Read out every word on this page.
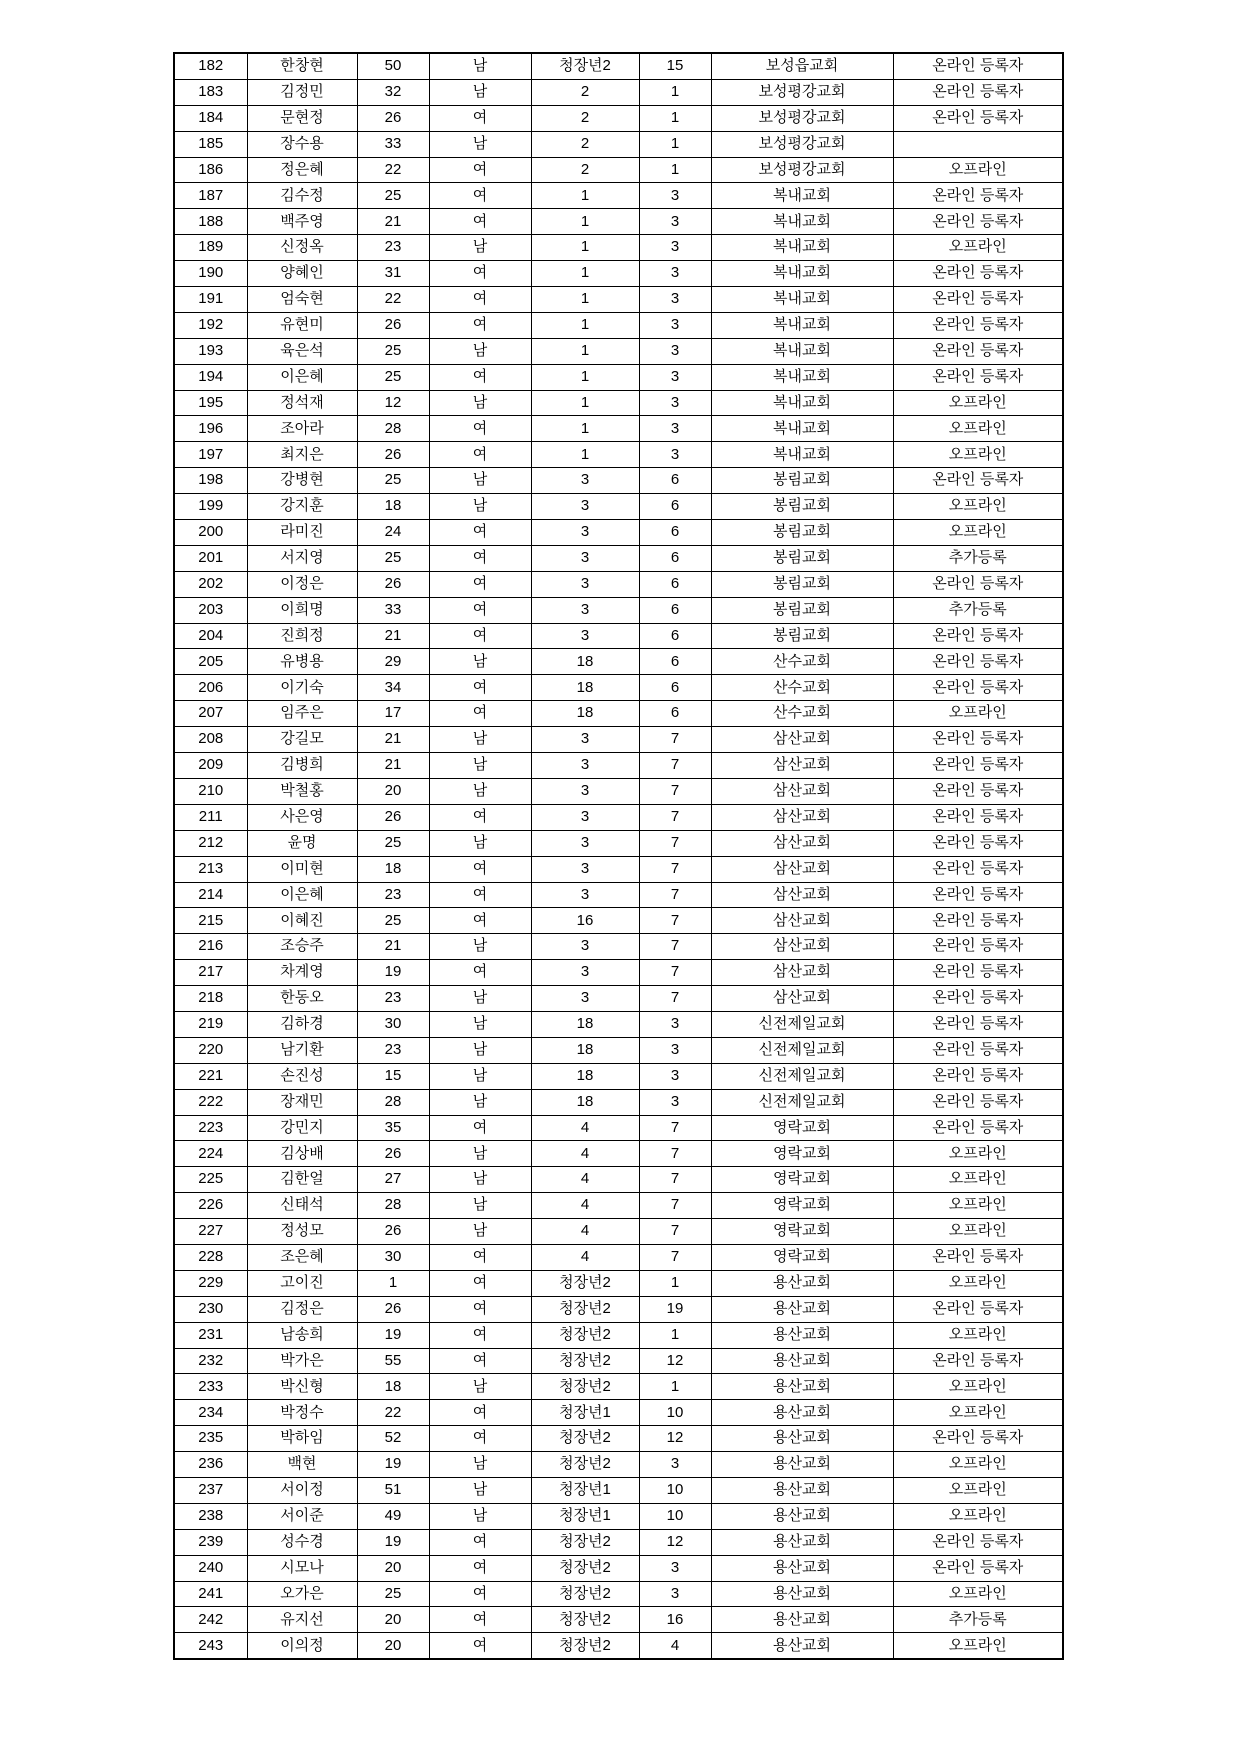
182	한창현	50	남	청장년2	15	보성읍교회	온라인 등록자
183	김정민	32	남	2	1	보성평강교회	온라인 등록자
184	문현정	26	여	2	1	보성평강교회	온라인 등록자
185	장수용	33	남	2	1	보성평강교회	
186	정은혜	22	여	2	1	보성평강교회	오프라인
187	김수정	25	여	1	3	복내교회	온라인 등록자
188	백주영	21	여	1	3	복내교회	온라인 등록자
189	신정옥	23	남	1	3	복내교회	오프라인
190	양혜인	31	여	1	3	복내교회	온라인 등록자
191	엄숙현	22	여	1	3	복내교회	온라인 등록자
192	유현미	26	여	1	3	복내교회	온라인 등록자
193	육은석	25	남	1	3	복내교회	온라인 등록자
194	이은혜	25	여	1	3	복내교회	온라인 등록자
195	정석재	12	남	1	3	복내교회	오프라인
196	조아라	28	여	1	3	복내교회	오프라인
197	최지은	26	여	1	3	복내교회	오프라인
198	강병현	25	남	3	6	봉림교회	온라인 등록자
199	강지훈	18	남	3	6	봉림교회	오프라인
200	라미진	24	여	3	6	봉림교회	오프라인
201	서지영	25	여	3	6	봉림교회	추가등록
202	이정은	26	여	3	6	봉림교회	온라인 등록자
203	이희명	33	여	3	6	봉림교회	추가등록
204	진희정	21	여	3	6	봉림교회	온라인 등록자
205	유병용	29	남	18	6	산수교회	온라인 등록자
206	이기숙	34	여	18	6	산수교회	온라인 등록자
207	임주은	17	여	18	6	산수교회	오프라인
208	강길모	21	남	3	7	삼산교회	온라인 등록자
209	김병희	21	남	3	7	삼산교회	온라인 등록자
210	박철홍	20	남	3	7	삼산교회	온라인 등록자
211	사은영	26	여	3	7	삼산교회	온라인 등록자
212	윤명	25	남	3	7	삼산교회	온라인 등록자
213	이미현	18	여	3	7	삼산교회	온라인 등록자
214	이은혜	23	여	3	7	삼산교회	온라인 등록자
215	이혜진	25	여	16	7	삼산교회	온라인 등록자
216	조승주	21	남	3	7	삼산교회	온라인 등록자
217	차계영	19	여	3	7	삼산교회	온라인 등록자
218	한동오	23	남	3	7	삼산교회	온라인 등록자
219	김하경	30	남	18	3	신전제일교회	온라인 등록자
220	남기환	23	남	18	3	신전제일교회	온라인 등록자
221	손진성	15	남	18	3	신전제일교회	온라인 등록자
222	장재민	28	남	18	3	신전제일교회	온라인 등록자
223	강민지	35	여	4	7	영락교회	온라인 등록자
224	김상배	26	남	4	7	영락교회	오프라인
225	김한얼	27	남	4	7	영락교회	오프라인
226	신태석	28	남	4	7	영락교회	오프라인
227	정성모	26	남	4	7	영락교회	오프라인
228	조은혜	30	여	4	7	영락교회	온라인 등록자
229	고이진	1	여	청장년2	1	용산교회	오프라인
230	김정은	26	여	청장년2	19	용산교회	온라인 등록자
231	남송희	19	여	청장년2	1	용산교회	오프라인
232	박가은	55	여	청장년2	12	용산교회	온라인 등록자
233	박신형	18	남	청장년2	1	용산교회	오프라인
234	박정수	22	여	청장년1	10	용산교회	오프라인
235	박하임	52	여	청장년2	12	용산교회	온라인 등록자
236	백현	19	남	청장년2	3	용산교회	오프라인
237	서이정	51	남	청장년1	10	용산교회	오프라인
238	서이준	49	남	청장년1	10	용산교회	오프라인
239	성수경	19	여	청장년2	12	용산교회	온라인 등록자
240	시모나	20	여	청장년2	3	용산교회	온라인 등록자
241	오가은	25	여	청장년2	3	용산교회	오프라인
242	유지선	20	여	청장년2	16	용산교회	추가등록
243	이의정	20	여	청장년2	4	용산교회	오프라인
